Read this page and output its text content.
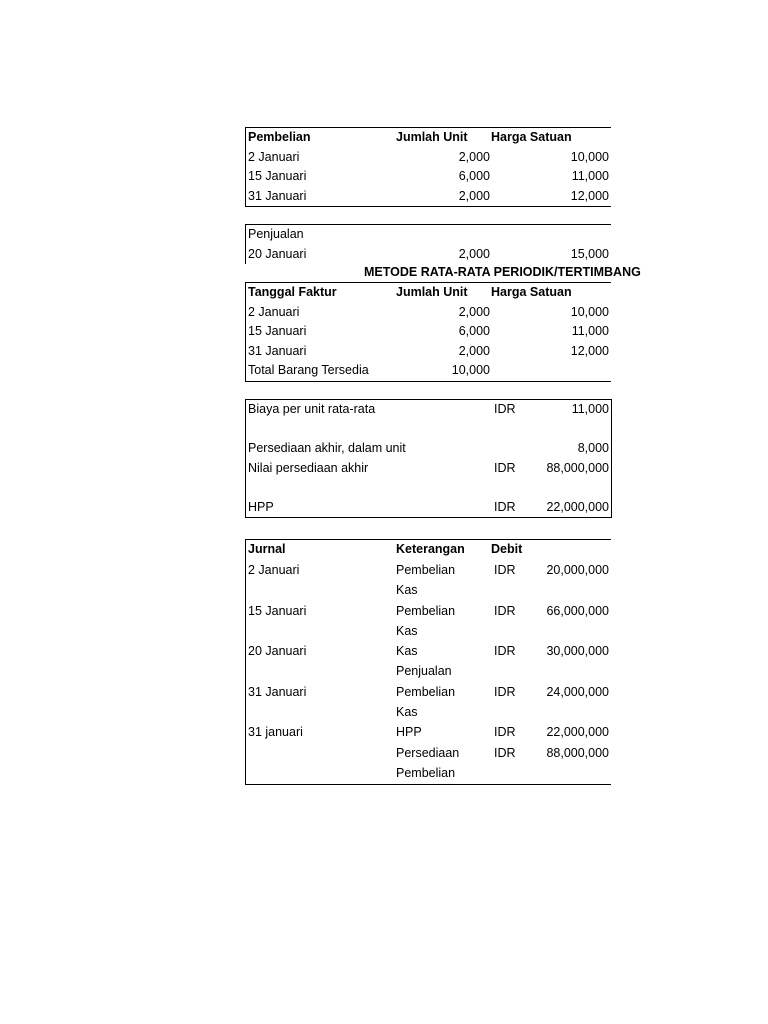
Pembelian	Jumlah Unit Harga Satuan
2 Januari	2,000	10,000
15 Januari	6,000	11,000
31 Januari	2,000	12,000
Penjualan
20 Januari	2,000	15,000
METODE RATA-RATA PERIODIK/TERTIMBANG
Tanggal Faktur	Jumlah Unit Harga Satuan
2 Januari	2,000	10,000
15 Januari	6,000	11,000
31 Januari	2,000	12,000
Total Barang Tersedia	10,000
Biaya per unit rata-rata	IDR	11,000
Persediaan akhir, dalam unit	8,000
Nilai persediaan akhir	IDR 88,000,000
HPP	IDR 22,000,000
Jurnal	Keterangan Debit
2 Januari	Pembelian	IDR 20,000,000
Kas
15 Januari	Pembelian	IDR 66,000,000
Kas
20 Januari	Kas	IDR 30,000,000
Penjualan
31 Januari	Pembelian	IDR 24,000,000
Kas
31 januari	HPP	IDR 22,000,000
Persediaan	IDR 88,000,000
Pembelian
